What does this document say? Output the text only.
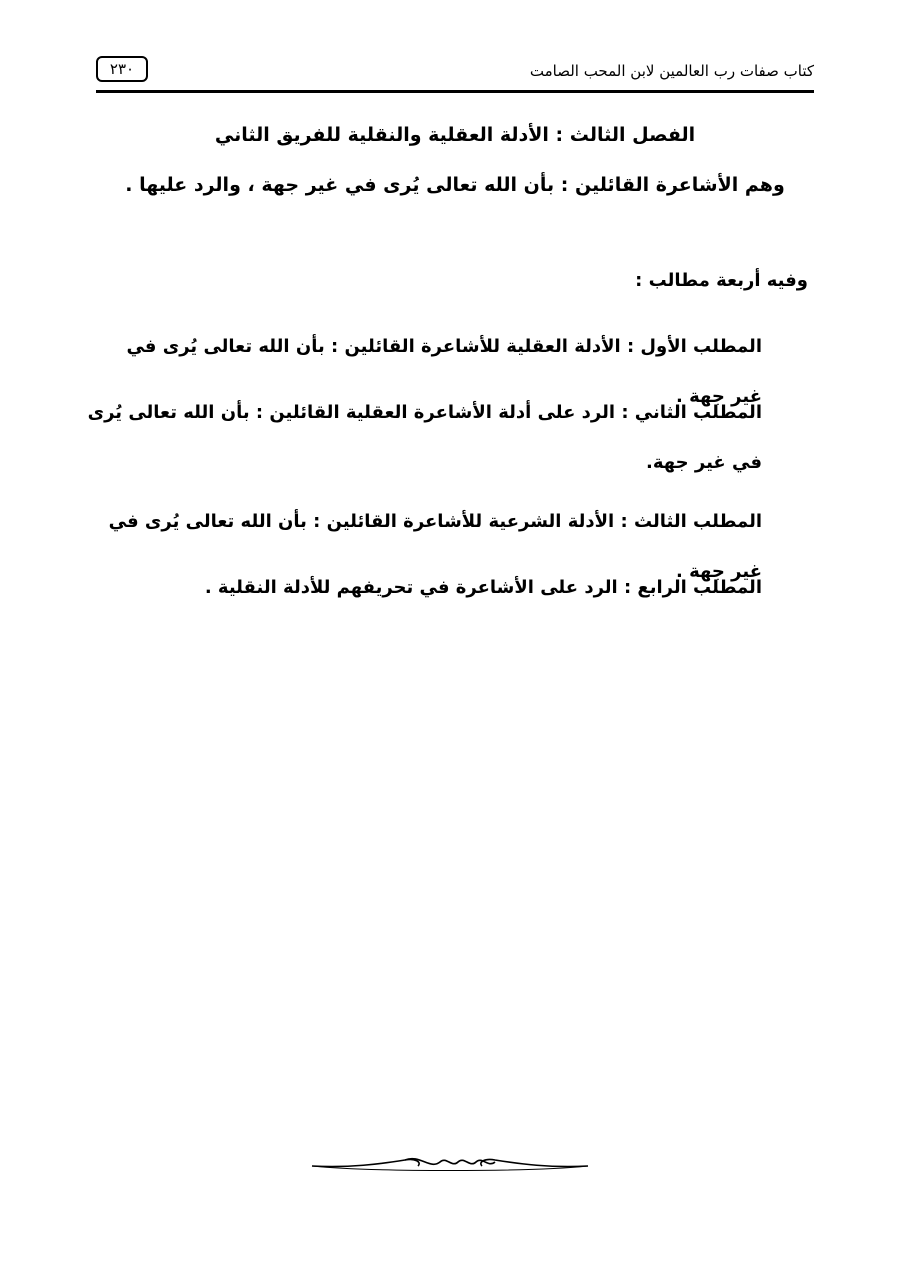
٢٣٠	كتاب صفات رب العالمين لابن المحب الصامت
الفصل الثالث : الأدلة العقلية والنقلية للفريق الثاني
وهم الأشاعرة القائلين : بأن الله تعالى يُرى في غير جهة ، والرد عليها .
وفيه أربعة مطالب :
المطلب الأول : الأدلة العقلية للأشاعرة القائلين : بأن الله تعالى يُرى في غير جهة .
المطلب الثاني : الرد على أدلة الأشاعرة العقلية القائلين : بأن الله تعالى يُرى في غير جهة.
المطلب الثالث : الأدلة الشرعية للأشاعرة القائلين : بأن الله تعالى يُرى في غير جهة .
المطلب الرابع : الرد على الأشاعرة في تحريفهم للأدلة النقلية .
